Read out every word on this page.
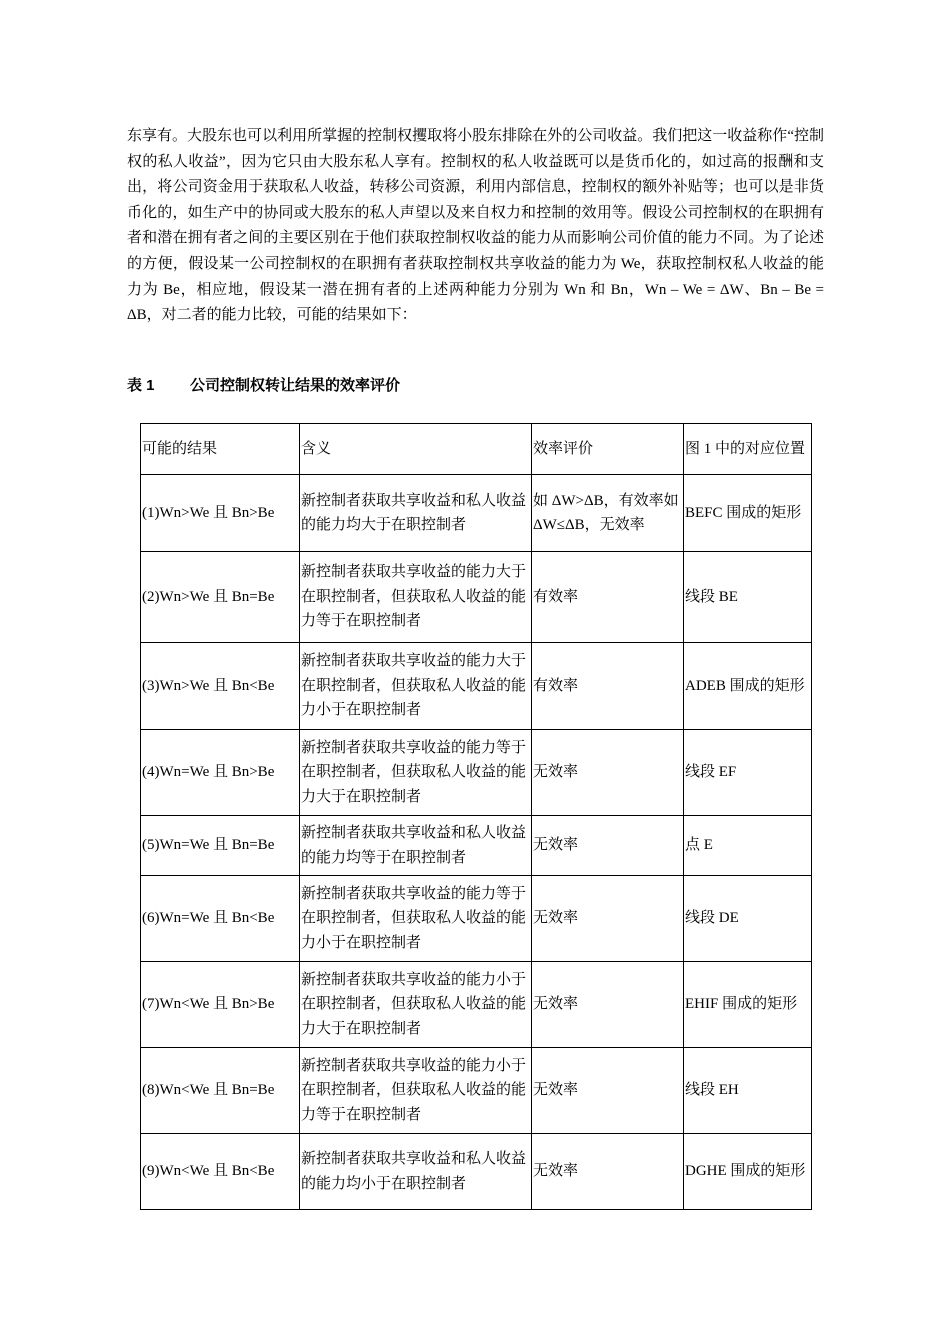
东享有。大股东也可以利用所掌握的控制权攫取将小股东排除在外的公司收益。我们把这一收益称作“控制权的私人收益”，因为它只由大股东私人享有。控制权的私人收益既可以是货币化的，如过高的报酬和支出，将公司资金用于获取私人收益，转移公司资源，利用内部信息，控制权的额外补贴等；也可以是非货币化的，如生产中的协同或大股东的私人声望以及来自权力和控制的效用等。假设公司控制权的在职拥有者和潜在拥有者之间的主要区别在于他们获取控制权收益的能力从而影响公司价值的能力不同。为了论述的方便，假设某一公司控制权的在职拥有者获取控制权共享收益的能力为 We，获取控制权私人收益的能力为 Be，相应地，假设某一潜在拥有者的上述两种能力分别为 Wn 和 Bn，Wn – We = ΔW、Bn – Be = ΔB，对二者的能力比较，可能的结果如下：

表 1 公司控制权转让结果的效率评价
可能的结果	含义	效率评价	图 1 中的对应位置
(1)Wn>We 且 Bn>Be	新控制者获取共享收益和私人收益的能力均大于在职控制者	如 ΔW>ΔB，有效率如 ΔW≤ΔB，无效率	BEFC 围成的矩形
(2)Wn>We 且 Bn=Be	新控制者获取共享收益的能力大于在职控制者，但获取私人收益的能力等于在职控制者	有效率	线段 BE
(3)Wn>We 且 Bn<Be	新控制者获取共享收益的能力大于在职控制者，但获取私人收益的能力小于在职控制者	有效率	ADEB 围成的矩形
(4)Wn=We 且 Bn>Be	新控制者获取共享收益的能力等于在职控制者，但获取私人收益的能力大于在职控制者	无效率	线段 EF
(5)Wn=We 且 Bn=Be	新控制者获取共享收益和私人收益的能力均等于在职控制者	无效率	点 E
(6)Wn=We 且 Bn<Be	新控制者获取共享收益的能力等于在职控制者，但获取私人收益的能力小于在职控制者	无效率	线段 DE
(7)Wn<We 且 Bn>Be	新控制者获取共享收益的能力小于在职控制者，但获取私人收益的能力大于在职控制者	无效率	EHIF 围成的矩形
(8)Wn<We 且 Bn=Be	新控制者获取共享收益的能力小于在职控制者，但获取私人收益的能力等于在职控制者	无效率	线段 EH
(9)Wn<We 且 Bn<Be	新控制者获取共享收益和私人收益的能力均小于在职控制者	无效率	DGHE 围成的矩形
